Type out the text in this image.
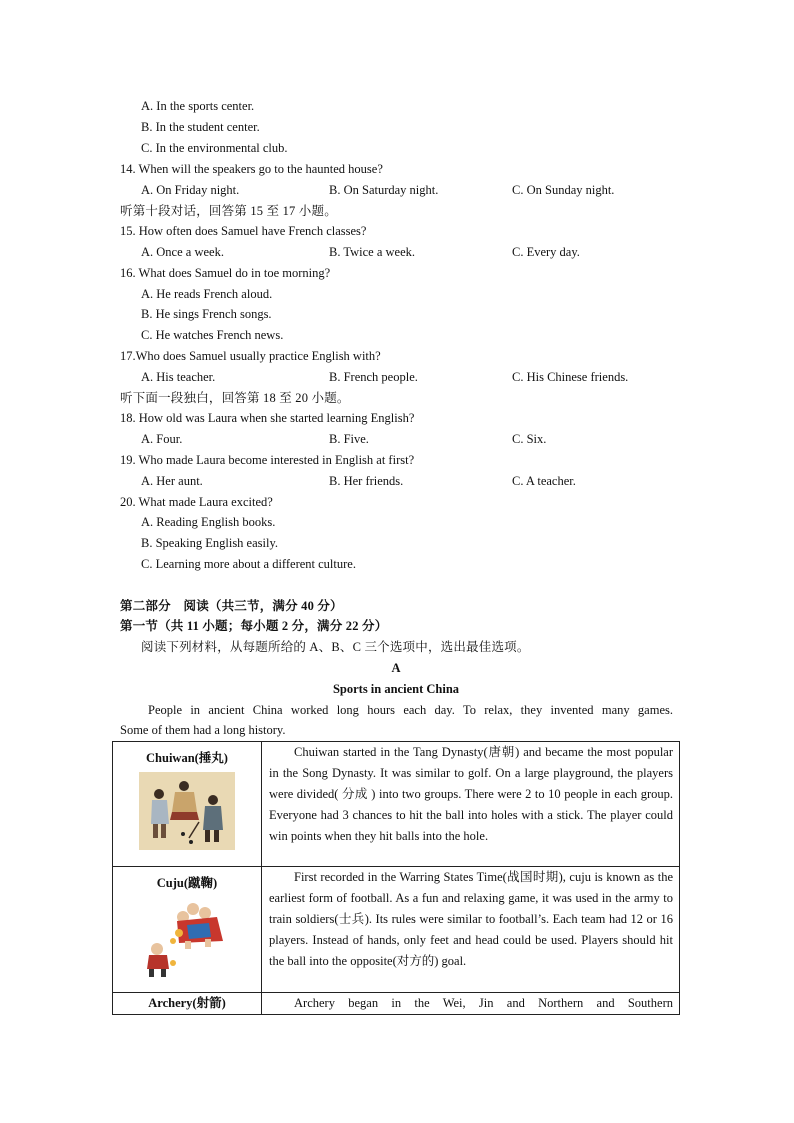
A. In the sports center.
B. In the student center.
C. In the environmental club.
14. When will the speakers go to the haunted house?
A. On Friday night.	B. On Saturday night.	C. On Sunday night.
听第十段对话，回答第 15 至 17 小题。
15. How often does Samuel have French classes?
A. Once a week.	B. Twice a week.	C. Every day.
16. What does Samuel do in toe morning?
A. He reads French aloud.
B. He sings French songs.
C. He watches French news.
17.Who does Samuel usually practice English with?
A. His teacher.	B. French people.	C. His Chinese friends.
听下面一段独白，回答第 18 至 20 小题。
18. How old was Laura when she started learning English?
A. Four.	B. Five.	C. Six.
19. Who made Laura become interested in English at first?
A. Her aunt.	B. Her friends.	C. A teacher.
20. What made Laura excited?
A. Reading English books.
B. Speaking English easily.
C. Learning more about a different culture.
第二部分　阅读（共三节，满分 40 分）
第一节（共 11 小题；每小题 2 分，满分 22 分）
阅读下列材料，从每题所给的 A、B、C 三个选项中，选出最佳选项。
A
Sports in ancient China
People in ancient China worked long hours each day. To relax, they invented many games.
Some of them had a long history.
Chuiwan(捶丸)	Chuiwan started in the Tang Dynasty(唐朝) and became the most popular in the Song Dynasty. It was similar to golf. On a large playground, the players were divided( 分成 ) into two groups. There were 2 to 10 people in each group. Everyone had 3 chances to hit the ball into holes with a stick. The player could win points when they hit balls into the hole.

Cuju(蹴鞠)	First recorded in the Warring States Time(战国时期), cuju is known as the earliest form of football. As a fun and relaxing game, it was used in the army to train soldiers(士兵). Its rules were similar to football’s. Each team had 12 or 16 players. Instead of hands, only feet and head could be used. Players should hit the ball into the opposite(对方的) goal.

Archery(射箭)	Archery began in the Wei, Jin and Northern and Southern
